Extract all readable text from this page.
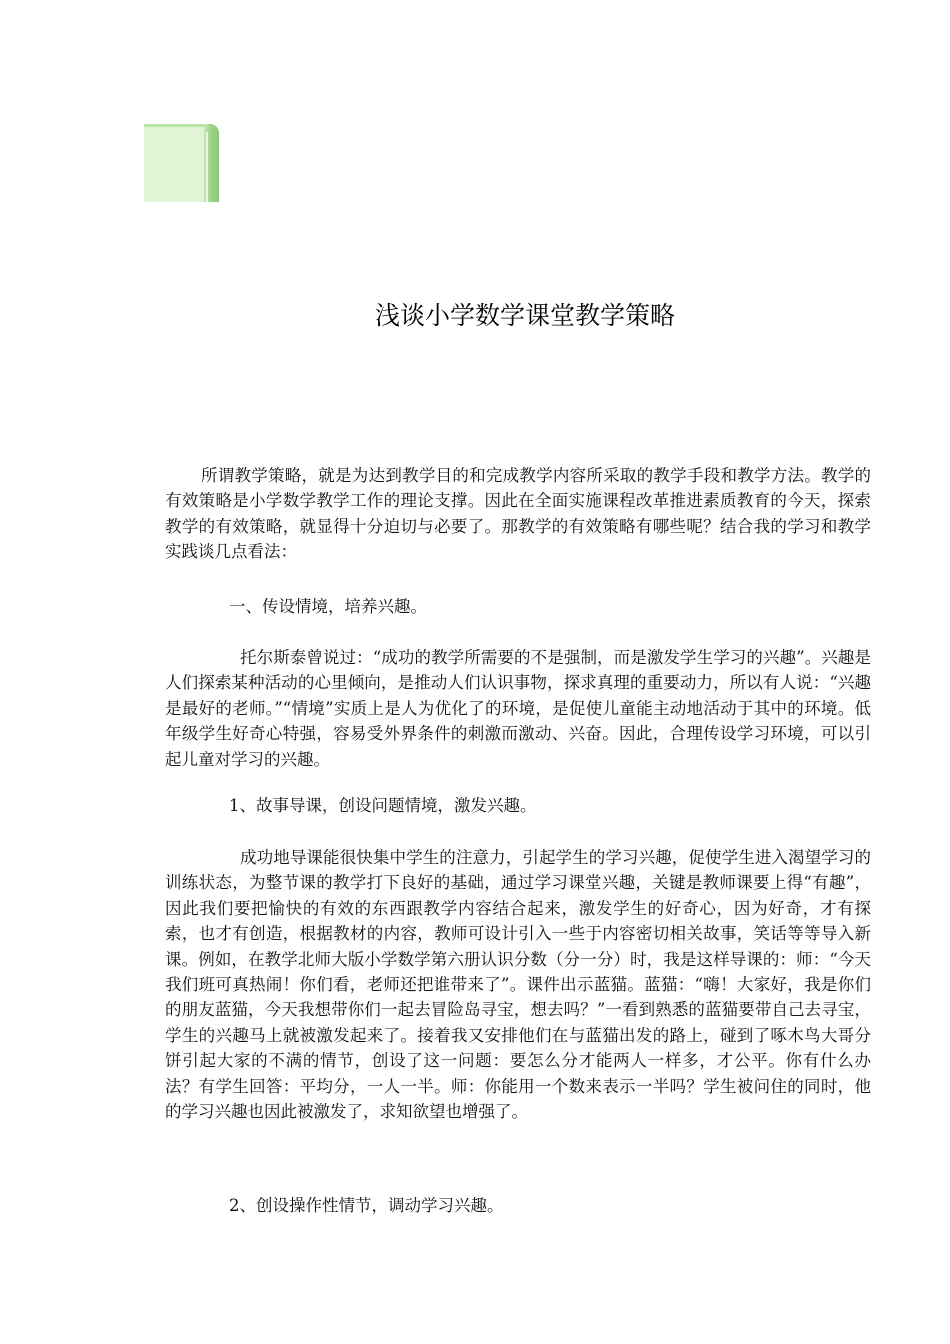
浅谈小学数学课堂教学策略

所谓教学策略，就是为达到教学目的和完成教学内容所采取的教学手段和教学方法。教学的有效策略是小学数学教学工作的理论支撑。因此在全面实施课程改革推进素质教育的今天，探索教学的有效策略，就显得十分迫切与必要了。那教学的有效策略有哪些呢？结合我的学习和教学实践谈几点看法：

一、传设情境，培养兴趣。

托尔斯泰曾说过：“成功的教学所需要的不是强制，而是激发学生学习的兴趣”。兴趣是人们探索某种活动的心里倾向，是推动人们认识事物，探求真理的重要动力，所以有人说：“兴趣是最好的老师。”“情境”实质上是人为优化了的环境，是促使儿童能主动地活动于其中的环境。低年级学生好奇心特强，容易受外界条件的刺激而激动、兴奋。因此，合理传设学习环境，可以引起儿童对学习的兴趣。

1、故事导课，创设问题情境，激发兴趣。

成功地导课能很快集中学生的注意力，引起学生的学习兴趣，促使学生进入渴望学习的训练状态，为整节课的教学打下良好的基础，通过学习课堂兴趣，关键是教师课要上得“有趣”，因此我们要把愉快的有效的东西跟教学内容结合起来，激发学生的好奇心，因为好奇，才有探索，也才有创造，根据教材的内容，教师可设计引入一些于内容密切相关故事，笑话等等导入新课。例如，在教学北师大版小学数学第六册认识分数（分一分）时，我是这样导课的：师：“今天我们班可真热闹！你们看，老师还把谁带来了”。课件出示蓝猫。蓝猫：“嗨！大家好，我是你们的朋友蓝猫，今天我想带你们一起去冒险岛寻宝，想去吗？”一看到熟悉的蓝猫要带自己去寻宝，学生的兴趣马上就被激发起来了。接着我又安排他们在与蓝猫出发的路上，碰到了啄木鸟大哥分饼引起大家的不满的情节，创设了这一问题：要怎么分才能两人一样多，才公平。你有什么办法？有学生回答：平均分，一人一半。师：你能用一个数来表示一半吗？学生被问住的同时，他的学习兴趣也因此被激发了，求知欲望也增强了。

2、创设操作性情节，调动学习兴趣。
